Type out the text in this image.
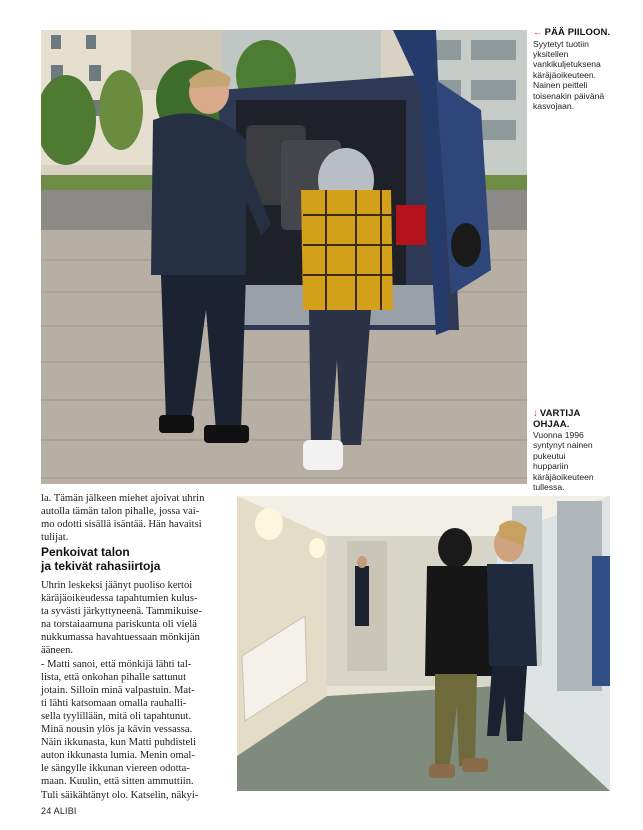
← PÄÄ PIILOON.
Syytetyt tuotiin
yksitellen
vankikuljetuksena
käräjäoikeuteen.
Nainen peitteli
toisenakin päivänä
kasvojaan.
↓ VARTIJA
OHJAA.
Vuonna 1996
syntynyt nainen
pukeutui
huppariin
käräjäoikeuteen
tullessa.

la. Tämän jälkeen miehet ajoivat uhrin

autolla tämän talon pihalle, jossa vai-

mo odotti sisällä isäntää. Hän havaitsi

tulijat.

Penkoivat talon
ja tekivät rahasiirtoja

Uhrin leskeksi jäänyt puoliso kertoi

käräjäoikeudessa tapahtumien kulus-

ta syvästi järkyttyneenä. Tammikuise-

na torstaiaamuna pariskunta oli vielä

nukkumassa havahtuessaan mönkijän

ääneen.

- Matti sanoi, että mönkijä lähti tal-

lista, että onkohan pihalle sattunut

jotain. Silloin minä valpastuin. Mat-

ti lähti katsomaan omalla rauhalli-

sella tyylillään, mitä oli tapahtunut.

Minä nousin ylös ja kävin vessassa.

Näin ikkunasta, kun Matti puhdisteli

auton ikkunasta lumia. Menin omal-

le sängylle ikkunan viereen odotta-

maan. Kuulin, että sitten ammuttiin.

Tuli säikähtänyt olo. Katselin, näkyi-

24 ALIBI
